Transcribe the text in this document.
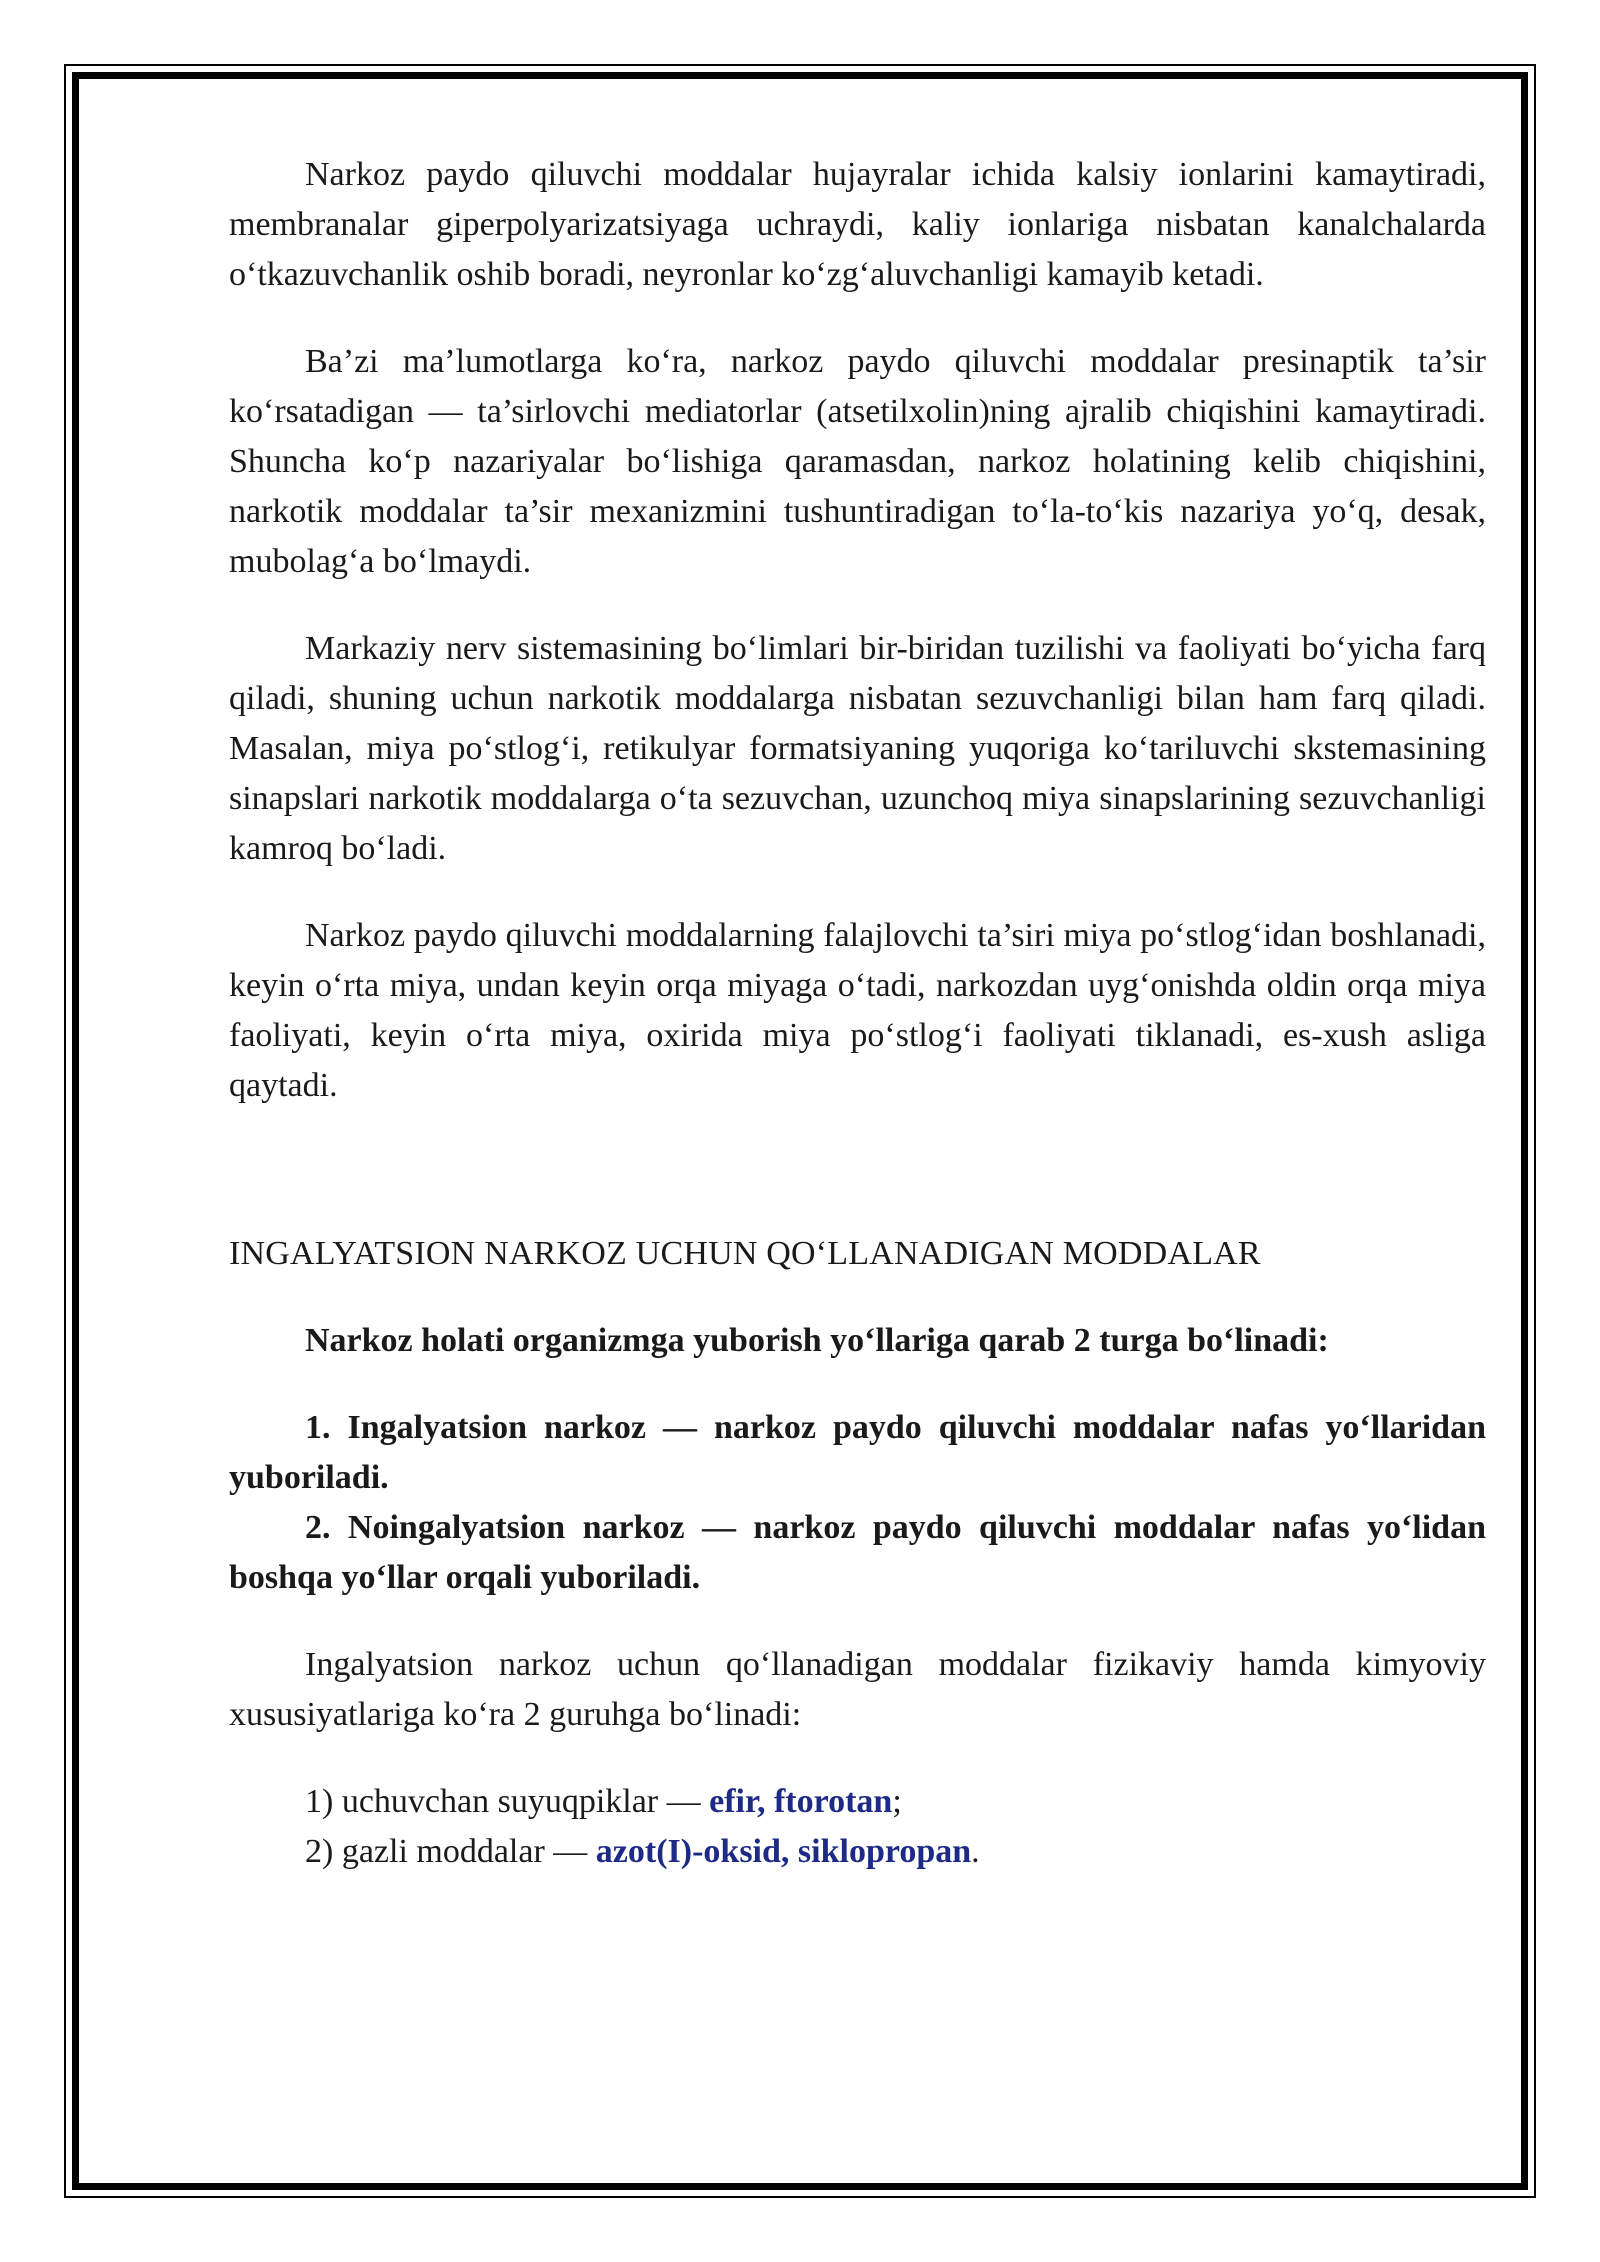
Narkoz paydo qiluvchi moddalar hujayralar ichida kalsiy ionlarini kamaytiradi, membranalar giperpolyarizatsiyaga uchraydi, kaliy ionlariga nisbatan kanalchalarda o‘tkazuvchanlik oshib boradi, neyronlar ko‘zg‘aluvchanligi kamayib ketadi.

Ba’zi ma’lumotlarga ko‘ra, narkoz paydo qiluvchi moddalar presinaptik ta’sir ko‘rsatadigan — ta’sirlovchi mediatorlar (atsetilxolin)ning ajralib chiqishini kamaytiradi. Shuncha ko‘p nazariyalar bo‘lishiga qaramasdan, narkoz holatining kelib chiqishini, narkotik moddalar ta’sir mexanizmini tushuntiradigan to‘la-to‘kis nazariya yo‘q, desak, mubolag‘a bo‘lmaydi.

Markaziy nerv sistemasining bo‘limlari bir-biridan tuzilishi va faoliyati bo‘yicha farq qiladi, shuning uchun narkotik moddalarga nisbatan sezuvchanligi bilan ham farq qiladi. Masalan, miya po‘stlog‘i, retikulyar formatsiyaning yuqoriga ko‘tariluvchi skstemasining sinapslari narkotik moddalarga o‘ta sezuvchan, uzunchoq miya sinapslarining sezuvchanligi kamroq bo‘ladi.

Narkoz paydo qiluvchi moddalarning falajlovchi ta’siri miya po‘stlog‘idan boshlanadi, keyin o‘rta miya, undan keyin orqa miyaga o‘tadi, narkozdan uyg‘onishda oldin orqa miya faoliyati, keyin o‘rta miya, oxirida miya po‘stlog‘i faoliyati tiklanadi, es-xush asliga qaytadi.

INGALYATSION NARKOZ UCHUN QO‘LLANADIGAN MODDALAR

Narkoz holati organizmga yuborish yo‘llariga qarab 2 turga bo‘linadi:

1. Ingalyatsion narkoz — narkoz paydo qiluvchi moddalar nafas yo‘llaridan yuboriladi.

2. Noingalyatsion narkoz — narkoz paydo qiluvchi moddalar nafas yo‘lidan boshqa yo‘llar orqali yuboriladi.

Ingalyatsion narkoz uchun qo‘llanadigan moddalar fizikaviy hamda kimyoviy xususiyatlariga ko‘ra 2 guruhga bo‘linadi:

1) uchuvchan suyuqpiklar — efir, ftorotan;

2) gazli moddalar — azot(I)-oksid, siklopropan.
